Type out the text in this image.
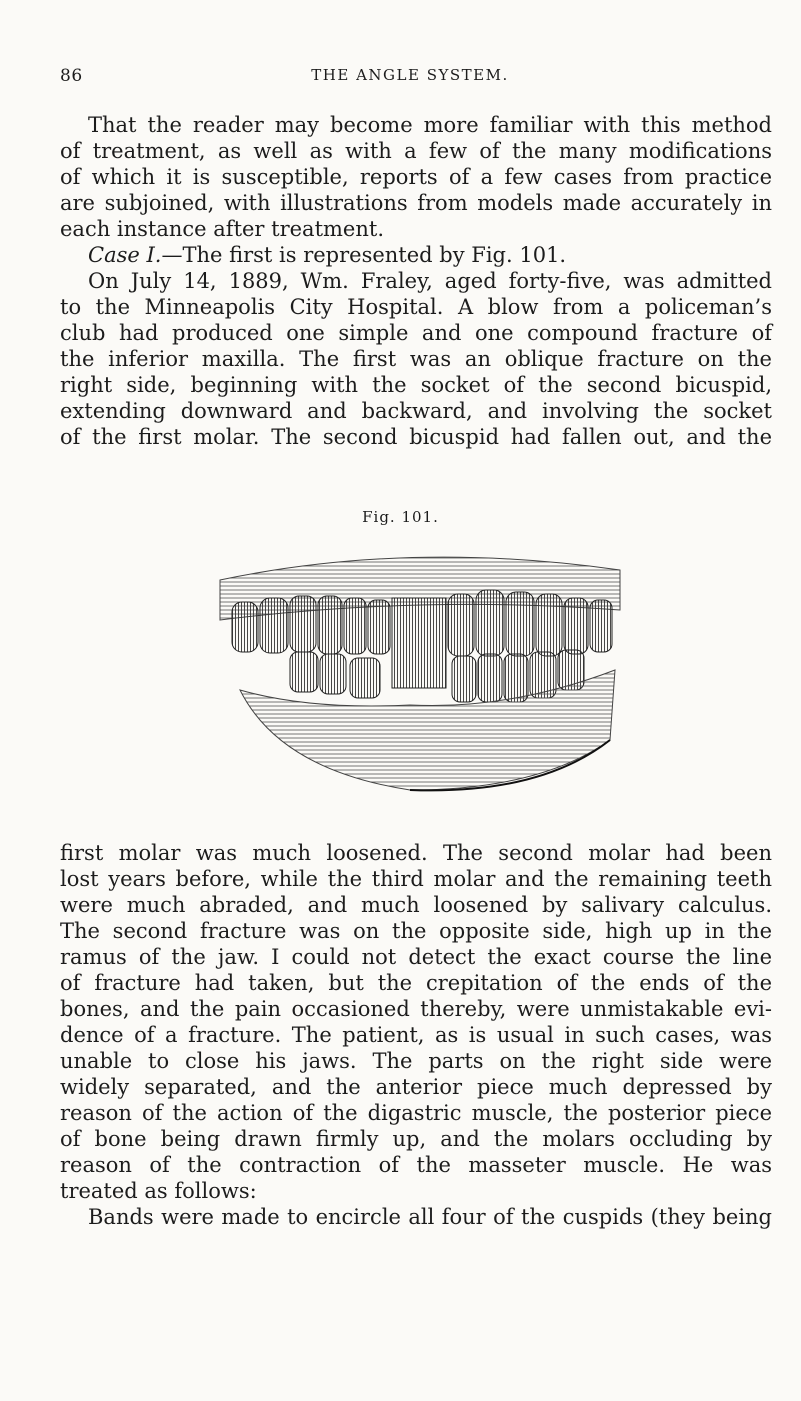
86	THE ANGLE SYSTEM.
That the reader may become more familiar with this method
of treatment, as well as with a few of the many modifications
of which it is susceptible, reports of a few cases from practice
are subjoined, with illustrations from models made accurately in
each instance after treatment.
Case I.—The first is represented by Fig. 101.
On July 14, 1889, Wm. Fraley, aged forty-five, was admitted
to the Minneapolis City Hospital. A blow from a policeman’s
club had produced one simple and one compound fracture of
the inferior maxilla. The first was an oblique fracture on the
right side, beginning with the socket of the second bicuspid,
extending downward and backward, and involving the socket
of the first molar. The second bicuspid had fallen out, and the
Fig. 101.
first molar was much loosened. The second molar had been
lost years before, while the third molar and the remaining teeth
were much abraded, and much loosened by salivary calculus.
The second fracture was on the opposite side, high up in the
ramus of the jaw. I could not detect the exact course the line
of fracture had taken, but the crepitation of the ends of the
bones, and the pain occasioned thereby, were unmistakable evi-
dence of a fracture. The patient, as is usual in such cases, was
unable to close his jaws. The parts on the right side were
widely separated, and the anterior piece much depressed by
reason of the action of the digastric muscle, the posterior piece
of bone being drawn firmly up, and the molars occluding by
reason of the contraction of the masseter muscle. He was
treated as follows:
Bands were made to encircle all four of the cuspids (they being
